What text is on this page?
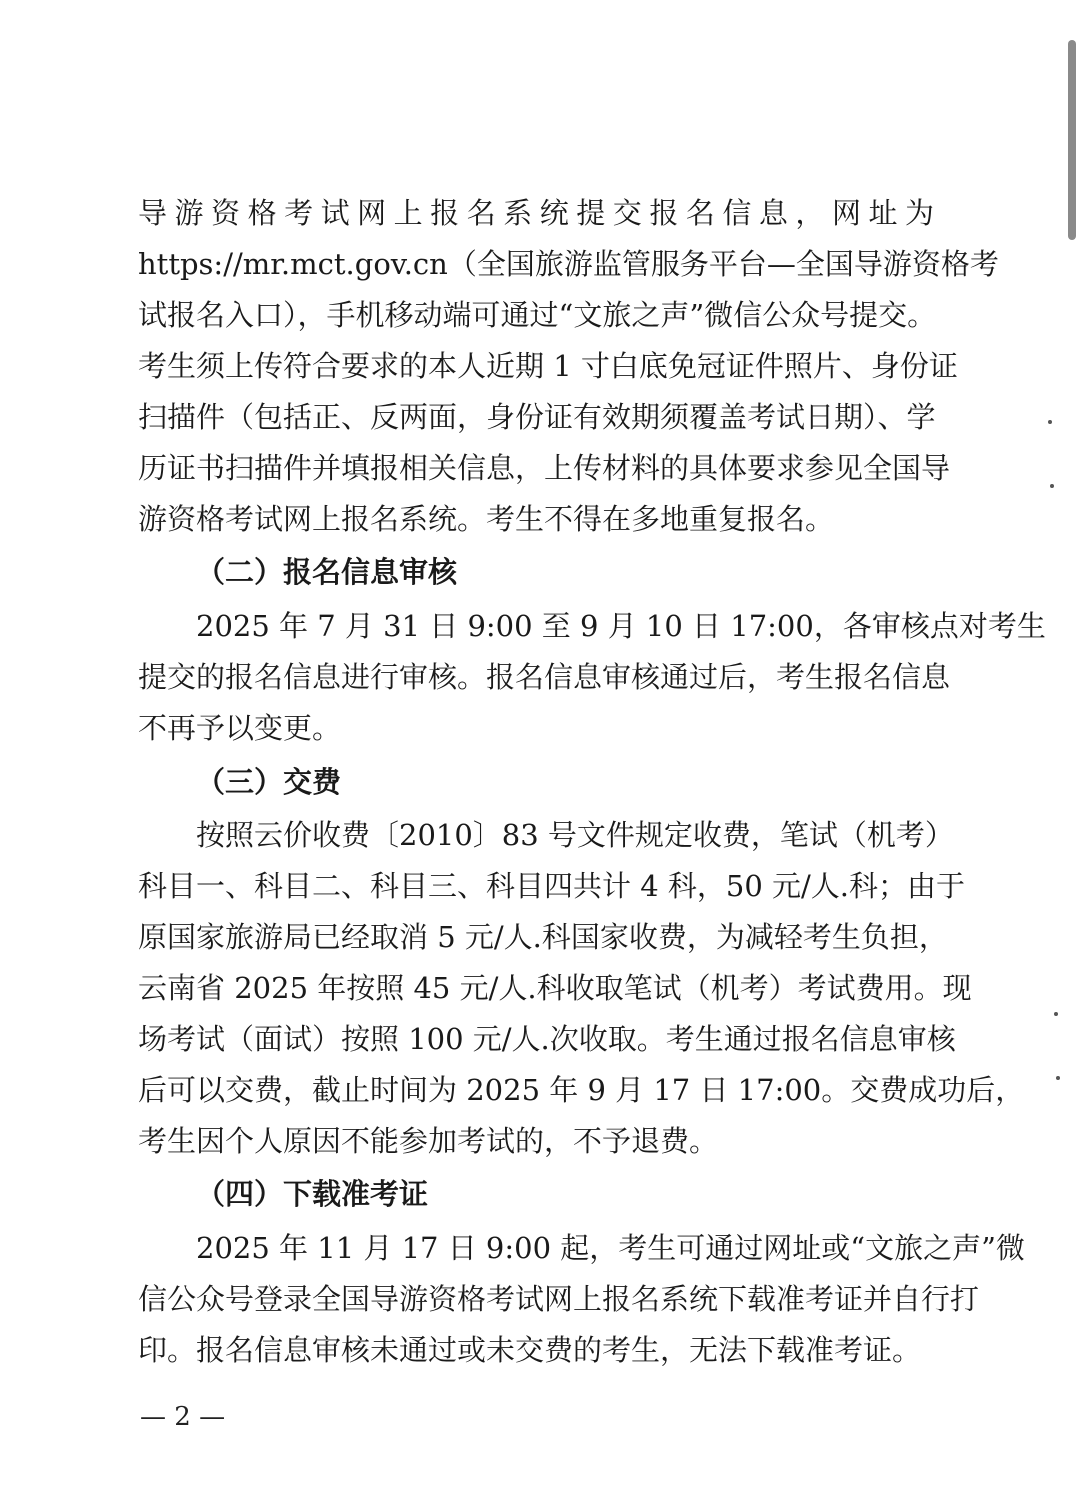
导游资格考试网上报名系统提交报名信息，网址为
https://mr.mct.gov.cn（全国旅游监管服务平台—全国导游资格考
试报名入口），手机移动端可通过“文旅之声”微信公众号提交。
考生须上传符合要求的本人近期 1 寸白底免冠证件照片、身份证
扫描件（包括正、反两面，身份证有效期须覆盖考试日期）、学
历证书扫描件并填报相关信息，上传材料的具体要求参见全国导
游资格考试网上报名系统。考生不得在多地重复报名。
（二）报名信息审核
2025 年 7 月 31 日 9:00 至 9 月 10 日 17:00，各审核点对考生
提交的报名信息进行审核。报名信息审核通过后，考生报名信息
不再予以变更。
（三）交费
按照云价收费〔2010〕83 号文件规定收费，笔试（机考）
科目一、科目二、科目三、科目四共计 4 科，50 元/人.科；由于
原国家旅游局已经取消 5 元/人.科国家收费，为减轻考生负担，
云南省 2025 年按照 45 元/人.科收取笔试（机考）考试费用。现
场考试（面试）按照 100 元/人.次收取。考生通过报名信息审核
后可以交费，截止时间为 2025 年 9 月 17 日 17:00。交费成功后，
考生因个人原因不能参加考试的，不予退费。
（四）下载准考证
2025 年 11 月 17 日 9:00 起，考生可通过网址或“文旅之声”微
信公众号登录全国导游资格考试网上报名系统下载准考证并自行打
印。报名信息审核未通过或未交费的考生，无法下载准考证。
— 2 —
